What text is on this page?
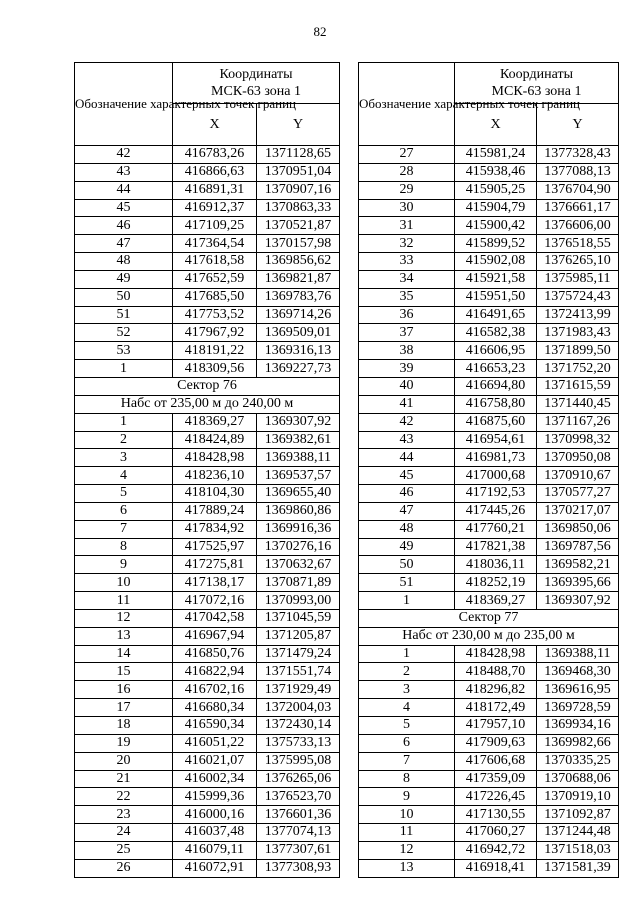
82
Обозначение характерных точек границ	Координаты
МСК-63 зона 1	
	X	Y
42	416783,26	1371128,65
43	416866,63	1370951,04
44	416891,31	1370907,16
45	416912,37	1370863,33
46	417109,25	1370521,87
47	417364,54	1370157,98
48	417618,58	1369856,62
49	417652,59	1369821,87
50	417685,50	1369783,76
51	417753,52	1369714,26
52	417967,92	1369509,01
53	418191,22	1369316,13
1	418309,56	1369227,73
Сектор 76		
Набс от 235,00 м до 240,00 м		
1	418369,27	1369307,92
2	418424,89	1369382,61
3	418428,98	1369388,11
4	418236,10	1369537,57
5	418104,30	1369655,40
6	417889,24	1369860,86
7	417834,92	1369916,36
8	417525,97	1370276,16
9	417275,81	1370632,67
10	417138,17	1370871,89
11	417072,16	1370993,00
12	417042,58	1371045,59
13	416967,94	1371205,87
14	416850,76	1371479,24
15	416822,94	1371551,74
16	416702,16	1371929,49
17	416680,34	1372004,03
18	416590,34	1372430,14
19	416051,22	1375733,13
20	416021,07	1375995,08
21	416002,34	1376265,06
22	415999,36	1376523,70
23	416000,16	1376601,36
24	416037,48	1377074,13
25	416079,11	1377307,61
26	416072,91	1377308,93
Обозначение характерных точек границ	Координаты
МСК-63 зона 1	
	X	Y
27	415981,24	1377328,43
28	415938,46	1377088,13
29	415905,25	1376704,90
30	415904,79	1376661,17
31	415900,42	1376606,00
32	415899,52	1376518,55
33	415902,08	1376265,10
34	415921,58	1375985,11
35	415951,50	1375724,43
36	416491,65	1372413,99
37	416582,38	1371983,43
38	416606,95	1371899,50
39	416653,23	1371752,20
40	416694,80	1371615,59
41	416758,80	1371440,45
42	416875,60	1371167,26
43	416954,61	1370998,32
44	416981,73	1370950,08
45	417000,68	1370910,67
46	417192,53	1370577,27
47	417445,26	1370217,07
48	417760,21	1369850,06
49	417821,38	1369787,56
50	418036,11	1369582,21
51	418252,19	1369395,66
1	418369,27	1369307,92
Сектор 77		
Набс от 230,00 м до 235,00 м		
1	418428,98	1369388,11
2	418488,70	1369468,30
3	418296,82	1369616,95
4	418172,49	1369728,59
5	417957,10	1369934,16
6	417909,63	1369982,66
7	417606,68	1370335,25
8	417359,09	1370688,06
9	417226,45	1370919,10
10	417130,55	1371092,87
11	417060,27	1371244,48
12	416942,72	1371518,03
13	416918,41	1371581,39
